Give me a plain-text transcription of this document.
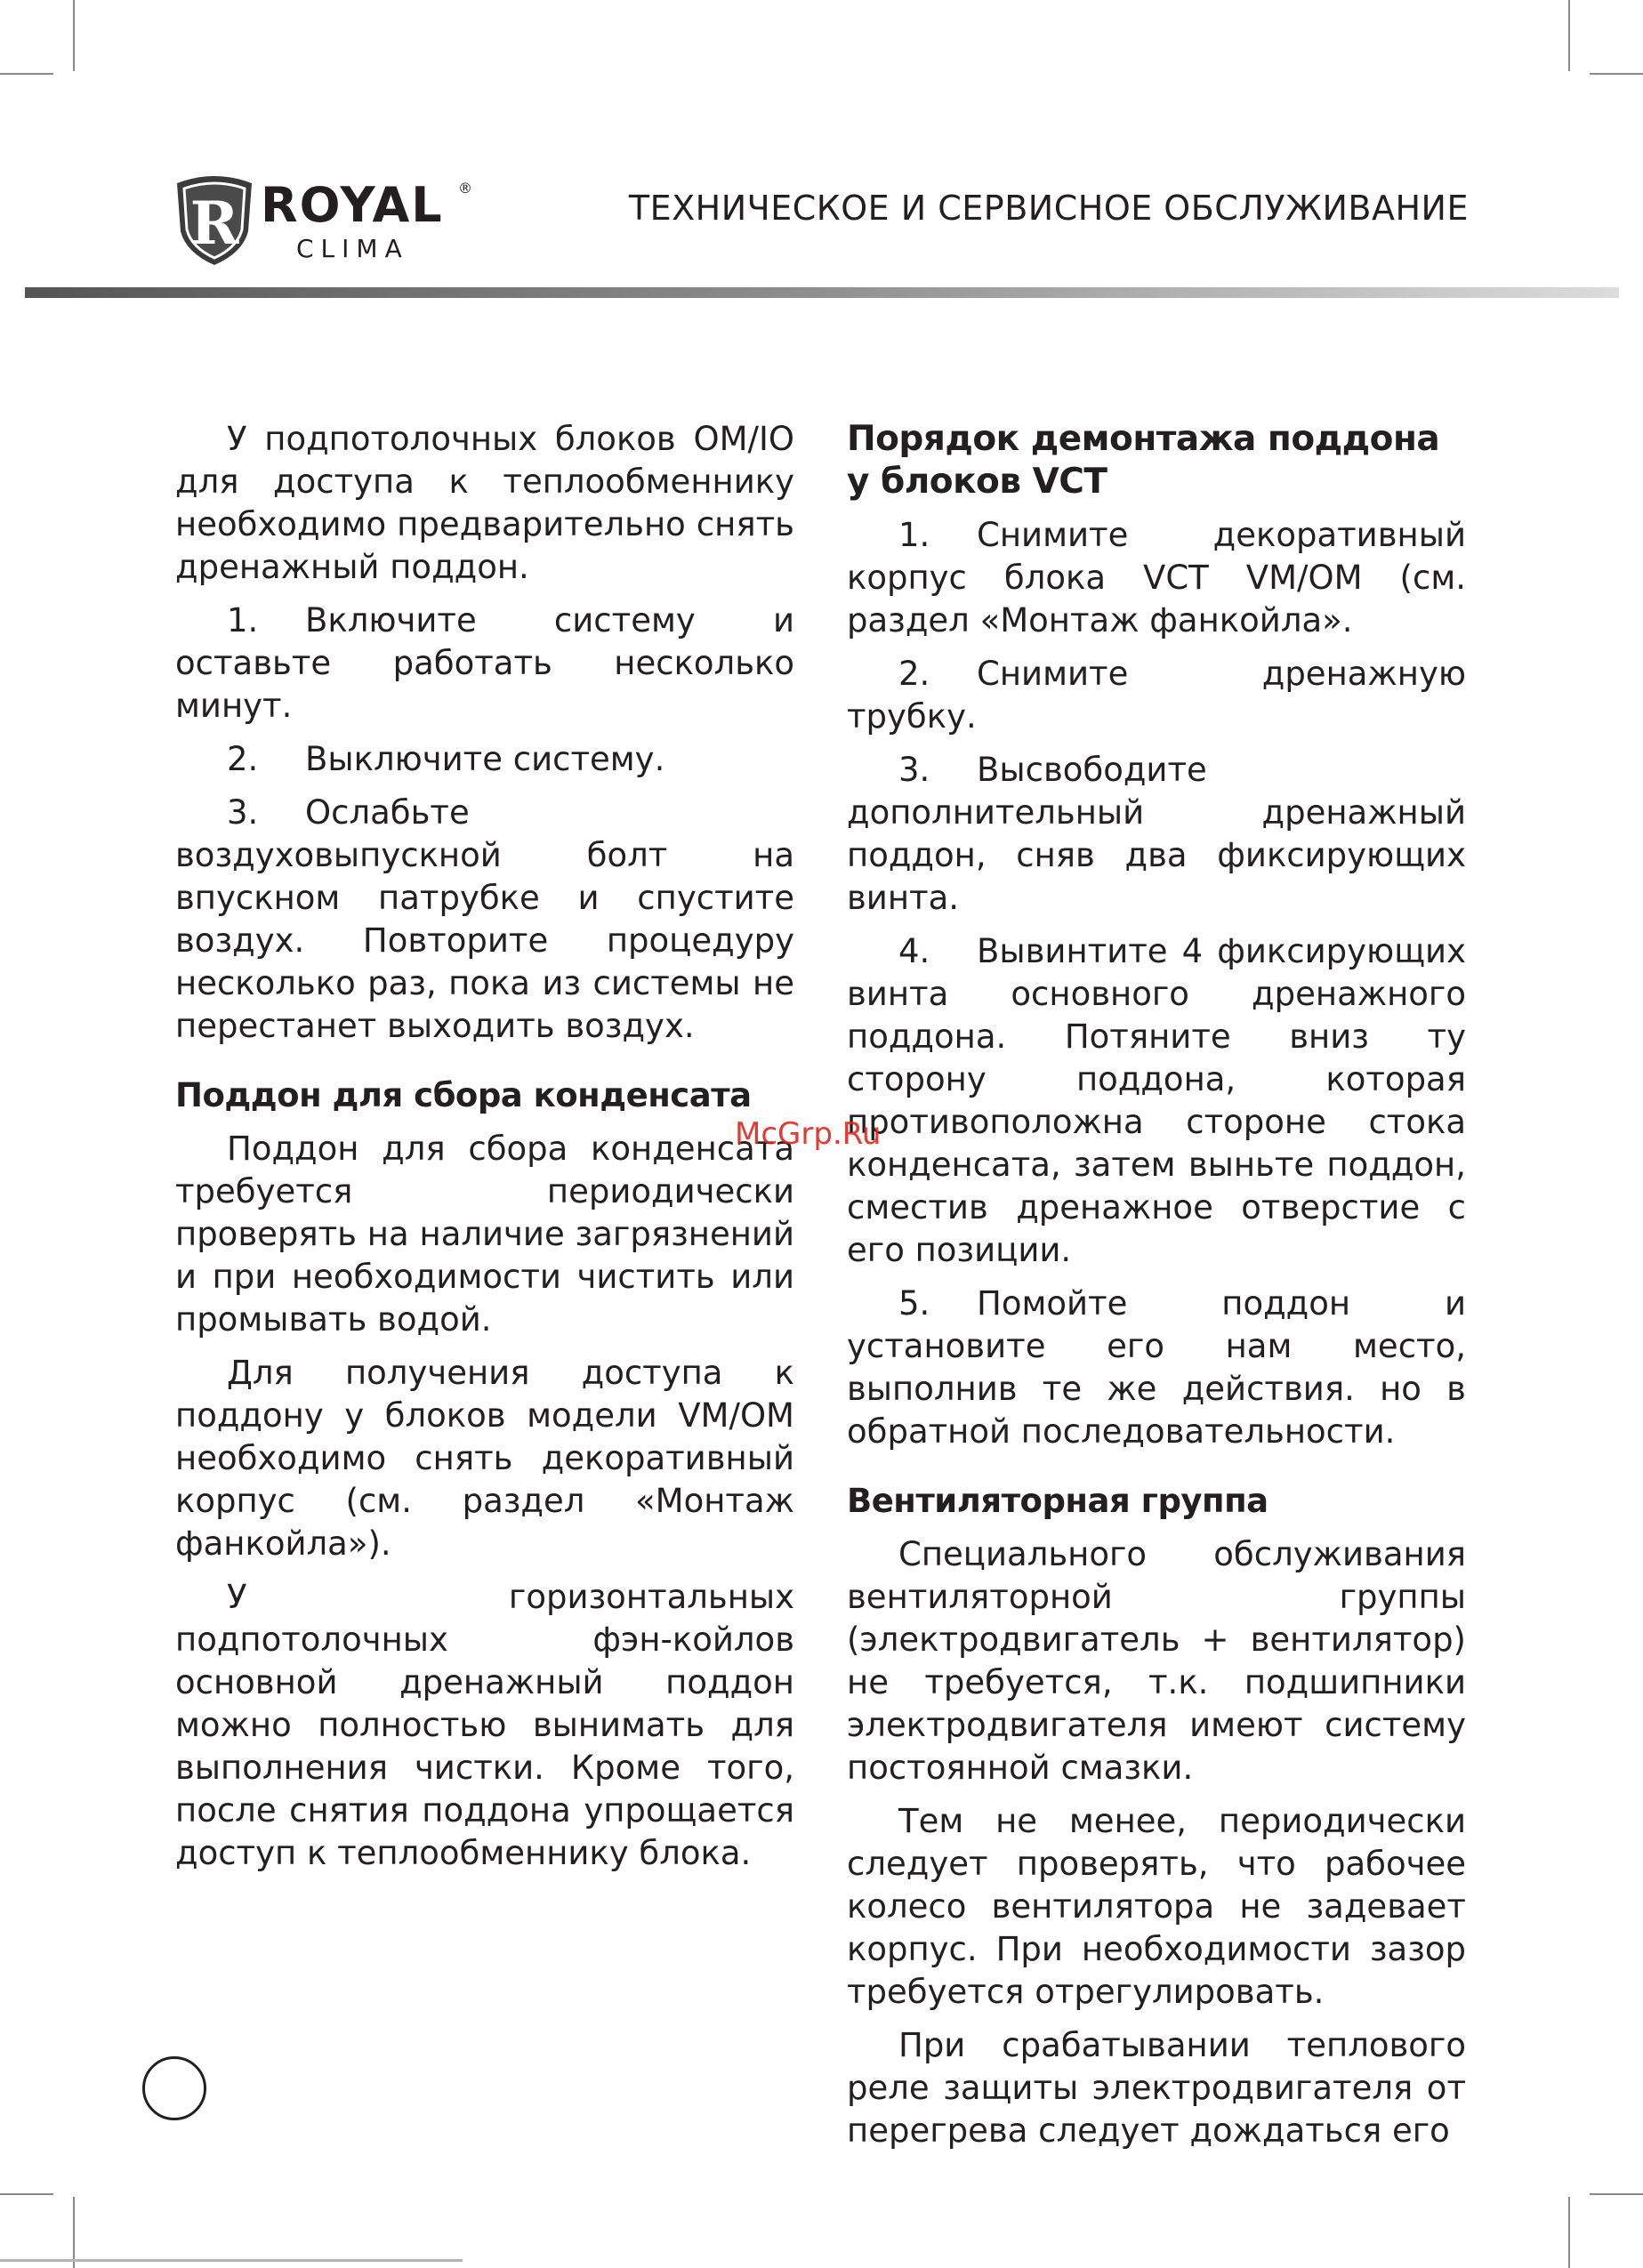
R ROYAL ®
CLIMA
ТЕХНИЧЕСКОЕ И СЕРВИСНОЕ ОБСЛУЖИВАНИЕ

У подпотолочных блоков OM/IO для доступа к теплообменнику необходимо предварительно снять дренажный поддон.

1. Включите систему и оставьте работать несколько минут.

2. Выключите систему.

3. Ослабьте воздуховыпускной болт на впускном патрубке и спустите воздух. Повторите процедуру несколько раз, пока из системы не перестанет выходить воздух.

Поддон для сбора конденсата

Поддон для сбора конденсата требуется периодически проверять на наличие загрязнений и при необходимости чистить или промывать водой.

Для получения доступа к поддону у блоков модели VM/OM необходимо снять декоративный корпус (см. раздел «Монтаж фанкойла»).

У горизонтальных подпотолочных фэн-койлов основной дренажный поддон можно полностью вынимать для выполнения чистки. Кроме того, после снятия поддона упрощается доступ к теплообменнику блока.

Порядок демонтажа поддона у блоков VCT

1. Снимите декоративный корпус блока VCT VM/OM (см. раздел «Монтаж фанкойла».

2. Снимите дренажную трубку.

3. Высвободите дополнительный дренажный поддон, сняв два фиксирующих винта.

4. Вывинтите 4 фиксирующих винта основного дренажного поддона. Потяните вниз ту сторону поддона, которая противоположна стороне стока конденсата, затем выньте поддон, сместив дренажное отверстие с его позиции.

5. Помойте поддон и установите его нам место, выполнив те же действия. но в обратной последовательности.

Вентиляторная группа

Специального обслуживания вентиляторной группы (электродвигатель + вентилятор) не требуется, т.к. подшипники электродвигателя имеют систему постоянной смазки.

Тем не менее, периодически следует проверять, что рабочее колесо вентилятора не задевает корпус. При необходимости зазор требуется отрегулировать.

При срабатывании теплового реле защиты электродвигателя от перегрева следует дождаться его

McGrp.Ru
